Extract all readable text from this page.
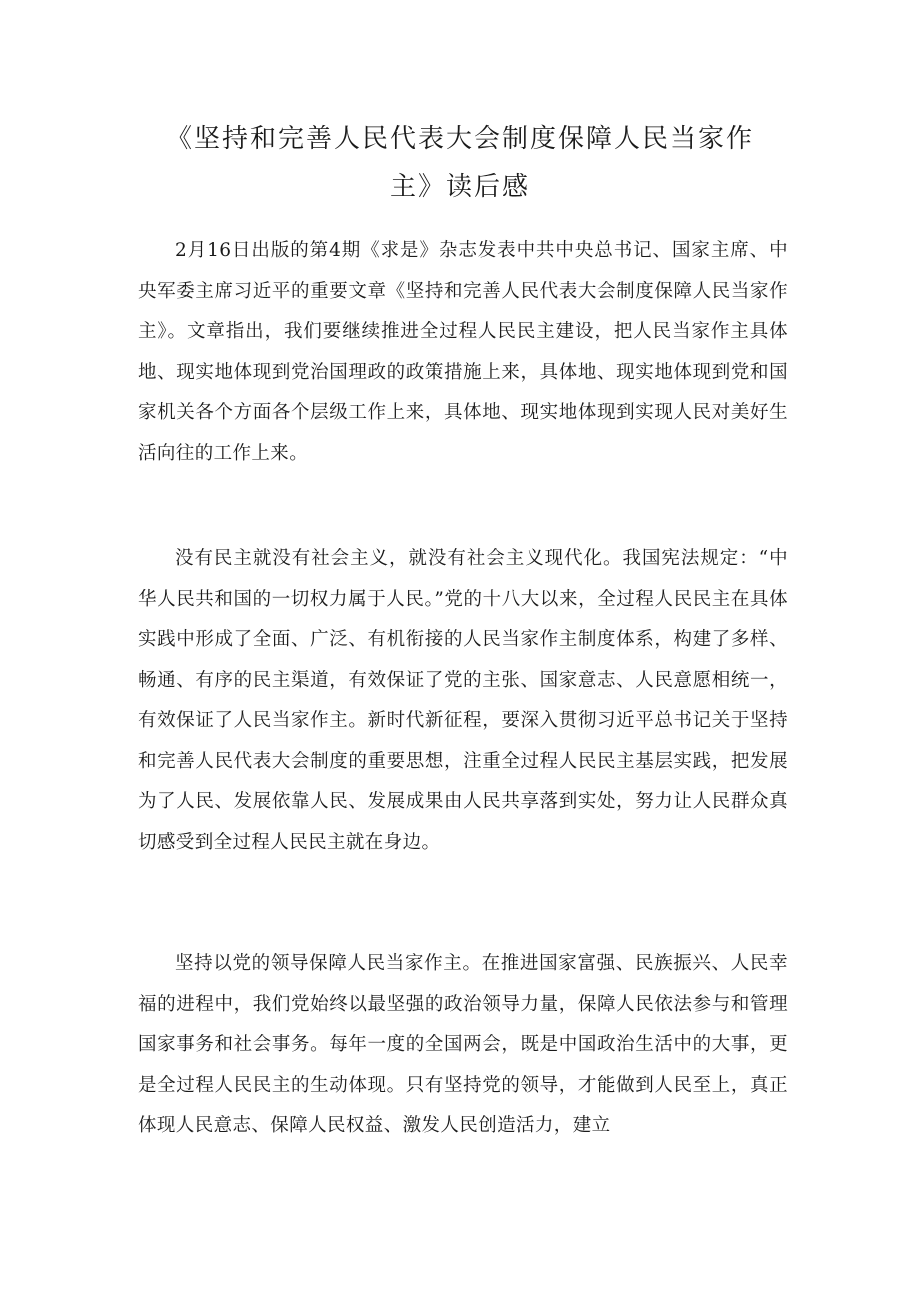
《坚持和完善人民代表大会制度保障人民当家作
主》读后感

2月16日出版的第4期《求是》杂志发表中共中央总书记、国家主席、中央军委主席习近平的重要文章《坚持和完善人民代表大会制度保障人民当家作主》。文章指出，我们要继续推进全过程人民民主建设，把人民当家作主具体地、现实地体现到党治国理政的政策措施上来，具体地、现实地体现到党和国家机关各个方面各个层级工作上来，具体地、现实地体现到实现人民对美好生活向往的工作上来。

没有民主就没有社会主义，就没有社会主义现代化。我国宪法规定：“中华人民共和国的一切权力属于人民。”党的十八大以来，全过程人民民主在具体实践中形成了全面、广泛、有机衔接的人民当家作主制度体系，构建了多样、畅通、有序的民主渠道，有效保证了党的主张、国家意志、人民意愿相统一，有效保证了人民当家作主。新时代新征程，要深入贯彻习近平总书记关于坚持和完善人民代表大会制度的重要思想，注重全过程人民民主基层实践，把发展为了人民、发展依靠人民、发展成果由人民共享落到实处，努力让人民群众真切感受到全过程人民民主就在身边。

坚持以党的领导保障人民当家作主。在推进国家富强、民族振兴、人民幸福的进程中，我们党始终以最坚强的政治领导力量，保障人民依法参与和管理国家事务和社会事务。每年一度的全国两会，既是中国政治生活中的大事，更是全过程人民民主的生动体现。只有坚持党的领导，才能做到人民至上，真正体现人民意志、保障人民权益、激发人民创造活力，建立
